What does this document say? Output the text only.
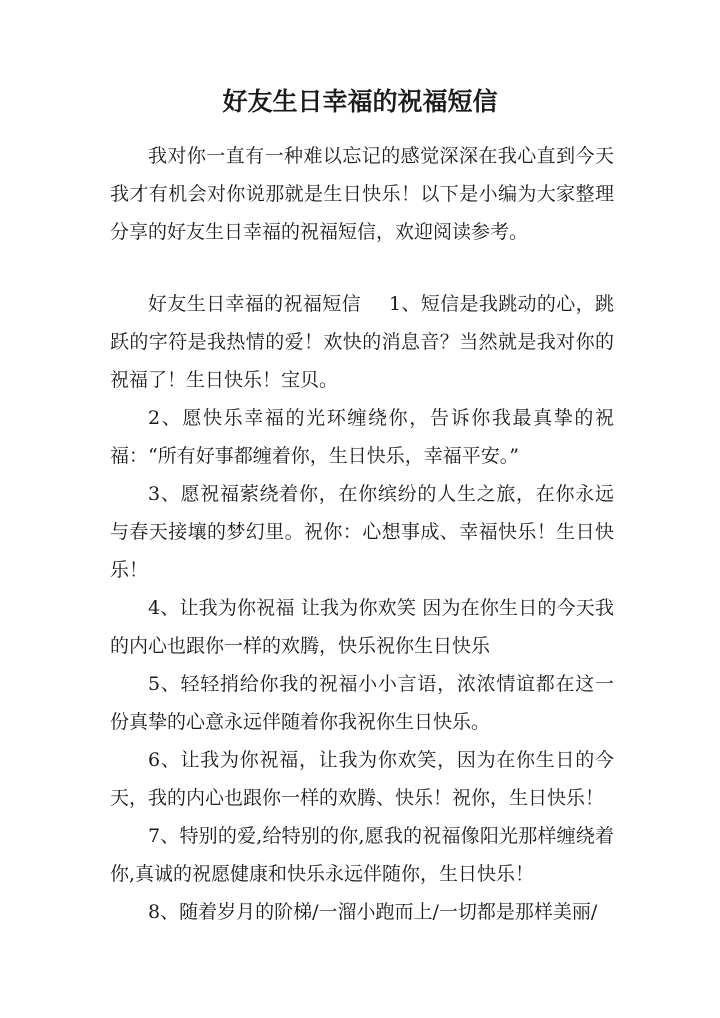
好友生日幸福的祝福短信

我对你一直有一种难以忘记的感觉深深在我心直到今天我才有机会对你说那就是生日快乐！以下是小编为大家整理分享的好友生日幸福的祝福短信，欢迎阅读参考。

好友生日幸福的祝福短信 1、短信是我跳动的心，跳跃的字符是我热情的爱！欢快的消息音？当然就是我对你的祝福了！生日快乐！宝贝。

2、愿快乐幸福的光环缠绕你，告诉你我最真挚的祝福：“所有好事都缠着你，生日快乐，幸福平安。”

3、愿祝福萦绕着你，在你缤纷的人生之旅，在你永远与春天接壤的梦幻里。祝你：心想事成、幸福快乐！生日快乐！

4、让我为你祝福 让我为你欢笑 因为在你生日的今天我的内心也跟你一样的欢腾，快乐祝你生日快乐

5、轻轻捎给你我的祝福小小言语，浓浓情谊都在这一份真挚的心意永远伴随着你我祝你生日快乐。

6、让我为你祝福，让我为你欢笑，因为在你生日的今天，我的内心也跟你一样的欢腾、快乐！祝你，生日快乐！

7、特别的爱,给特别的你,愿我的祝福像阳光那样缠绕着你,真诚的祝愿健康和快乐永远伴随你，生日快乐！

8、随着岁月的阶梯/一溜小跑而上/一切都是那样美丽/
